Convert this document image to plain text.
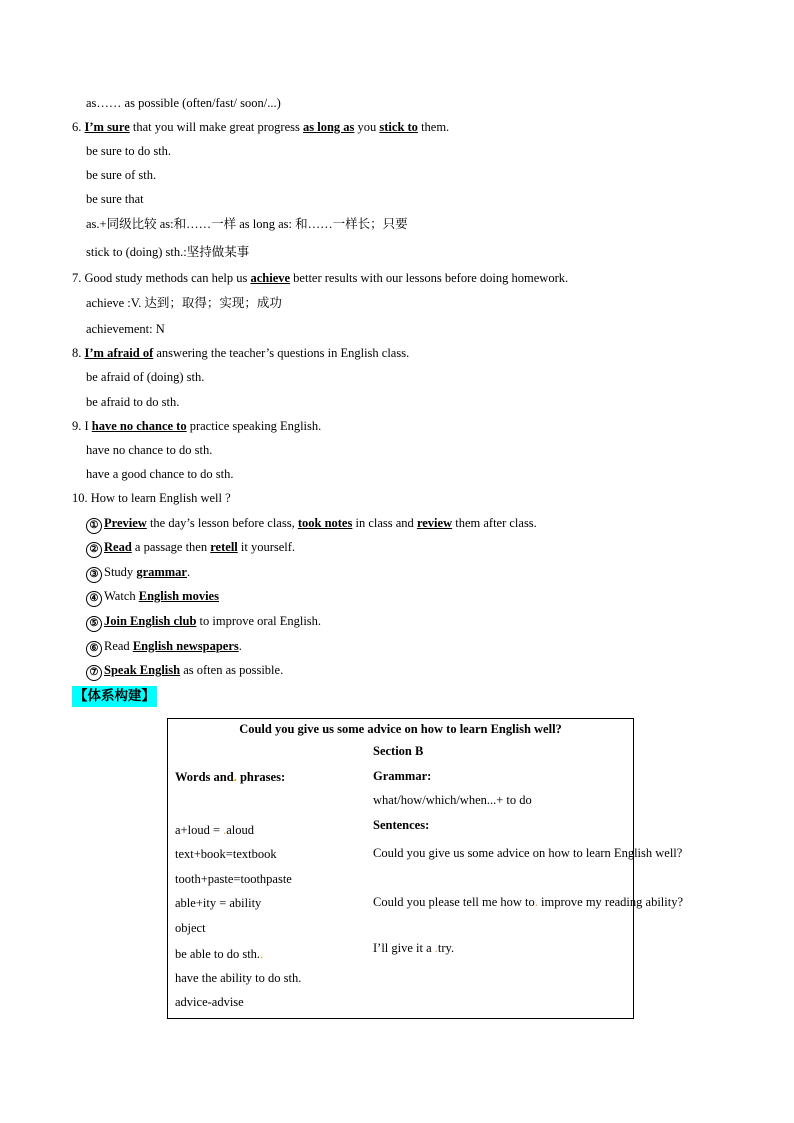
as…… as possible (often/fast/ soon/...)
6. I’m sure that you will make great progress as long as you stick to them.
be sure to do sth.
be sure of sth.
be sure that
as.+同级比较 as:和……一样 as long as: 和……一样长；只要
stick to (doing) sth.:坚持做某事
7. Good study methods can help us achieve better results with our lessons before doing homework.
achieve :V. 达到；取得；实现；成功
achievement: N
8. I’m afraid of answering the teacher’s questions in English class.
be afraid of (doing) sth.
be afraid to do sth.
9. I have no chance to practice speaking English.
have no chance to do sth.
have a good chance to do sth.
10. How to learn English well ?
① Preview the day’s lesson before class, took notes in class and review them after class.
② Read a passage then retell it yourself.
③ Study grammar.
④ Watch English movies
⑤ Join English club to improve oral English.
⑥ Read English newspapers.
⑦ Speak English as often as possible.
【体系构建】
Could you give us some advice on how to learn English well?
Section B
Words and. phrases:
a+loud = .aloud
text+book=textbook
tooth+paste=toothpaste
able+ity = ability
object
be able to do sth..
have the ability to do sth.
advice-advise
Grammar:
what/how/which/when...+ to do
Sentences:
Could you give us some advice on how to learn English well?
Could you please tell me how to. improve my reading ability?
I’ll give it a .try.
